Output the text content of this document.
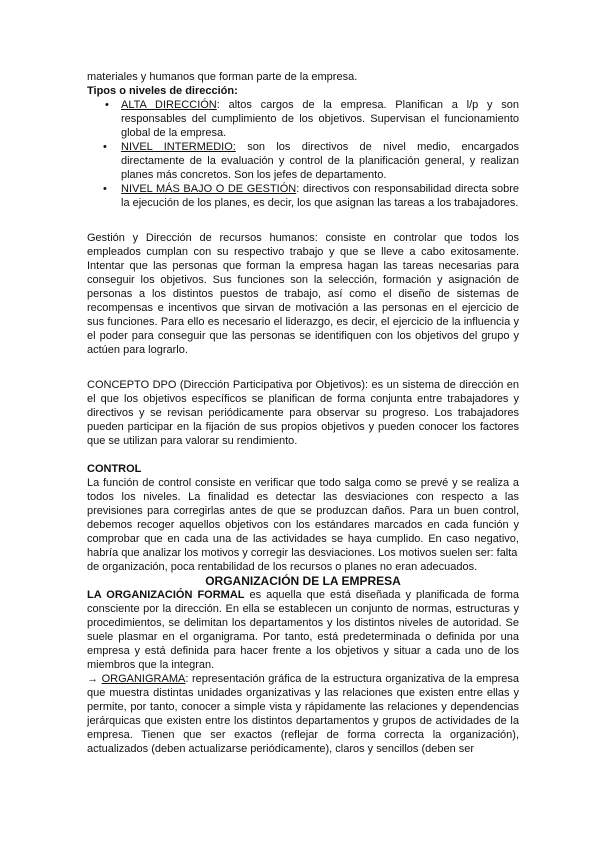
materiales y humanos que forman parte de la empresa.

Tipos o niveles de dirección:

• ALTA DIRECCIÓN: altos cargos de la empresa. Planifican a l/p y son responsables del cumplimiento de los objetivos. Supervisan el funcionamiento global de la empresa.
• NIVEL INTERMEDIO: son los directivos de nivel medio, encargados directamente de la evaluación y control de la planificación general, y realizan planes más concretos. Son los jefes de departamento.
• NIVEL MÁS BAJO O DE GESTIÓN: directivos con responsabilidad directa sobre la ejecución de los planes, es decir, los que asignan las tareas a los trabajadores.

Gestión y Dirección de recursos humanos: consiste en controlar que todos los empleados cumplan con su respectivo trabajo y que se lleve a cabo exitosamente. Intentar que las personas que forman la empresa hagan las tareas necesarias para conseguir los objetivos. Sus funciones son la selección, formación y asignación de personas a los distintos puestos de trabajo, así como el diseño de sistemas de recompensas e incentivos que sirvan de motivación a las personas en el ejercicio de sus funciones. Para ello es necesario el liderazgo, es decir, el ejercicio de la influencia y el poder para conseguir que las personas se identifiquen con los objetivos del grupo y actúen para lograrlo.

CONCEPTO DPO (Dirección Participativa por Objetivos): es un sistema de dirección en el que los objetivos específicos se planifican de forma conjunta entre trabajadores y directivos y se revisan periódicamente para observar su progreso. Los trabajadores pueden participar en la fijación de sus propios objetivos y pueden conocer los factores que se utilizan para valorar su rendimiento.

CONTROL

La función de control consiste en verificar que todo salga como se prevé y se realiza a todos los niveles. La finalidad es detectar las desviaciones con respecto a las previsiones para corregirlas antes de que se produzcan daños. Para un buen control, debemos recoger aquellos objetivos con los estándares marcados en cada función y comprobar que en cada una de las actividades se haya cumplido. En caso negativo, habría que analizar los motivos y corregir las desviaciones. Los motivos suelen ser: falta

de organización, poca rentabilidad de los recursos o planes no eran adecuados.

ORGANIZACIÓN DE LA EMPRESA

LA ORGANIZACIÓN FORMAL es aquella que está diseñada y planificada de forma consciente por la dirección. En ella se establecen un conjunto de normas, estructuras y procedimientos, se delimitan los departamentos y los distintos niveles de autoridad. Se suele plasmar en el organigrama. Por tanto, está predeterminada o definida por una empresa y está definida para hacer frente a los objetivos y situar a cada uno de los miembros que la integran.

→ ORGANIGRAMA: representación gráfica de la estructura organizativa de la empresa que muestra distintas unidades organizativas y las relaciones que existen entre ellas y permite, por tanto, conocer a simple vista y rápidamente las relaciones y dependencias jerárquicas que existen entre los distintos departamentos y grupos de actividades de la empresa. Tienen que ser exactos (reflejar de forma correcta la organización), actualizados (deben actualizarse periódicamente), claros y sencillos (deben ser
